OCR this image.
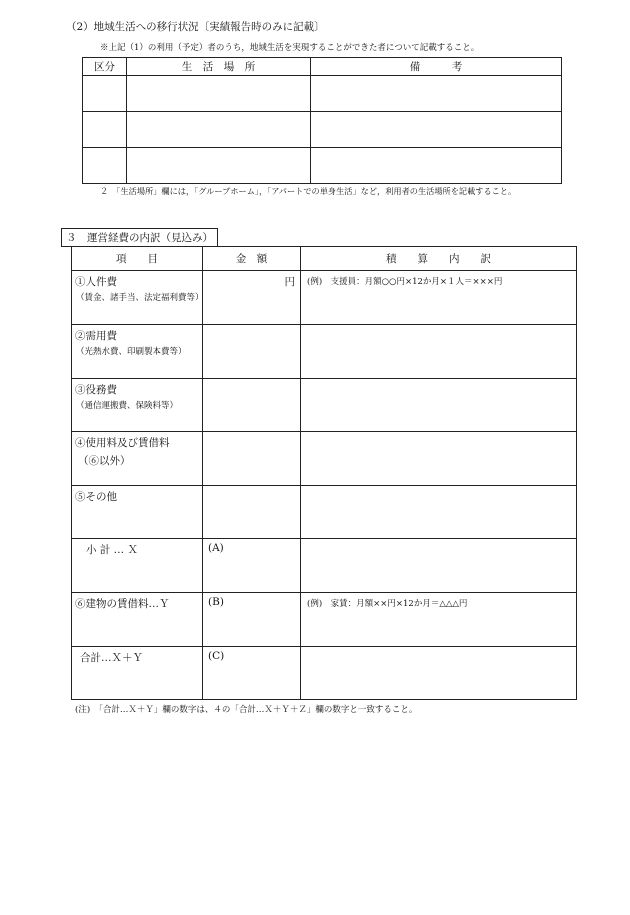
（2）地域生活への移行状況〔実績報告時のみに記載〕
※上記（1）の利用（予定）者のうち，地域生活を実現することができた者について記載すること。
区分	生　活　場　所	備　　　考

２　「生活場所」欄には，「グループホーム」，「アパートでの単身生活」など，利用者の生活場所を記載すること。
３　運営経費の内訳（見込み）
項　　目	金　額	積　　算　　内　　訳

①人件費
（賃金、諸手当、法定福利費等）	円	(例)　支援員：月額○○円×12か月×１人＝×××円

②需用費
（光熱水費、印刷製本費等）		

③役務費
（通信運搬費、保険料等）		

④使用料及び賃借料
（⑥以外）		

⑤その他		

小 計 … Ｘ	(A)	

⑥建物の賃借料…Ｙ	(B)	(例)　家賃：月額××円×12か月＝△△△円

合計…Ｘ＋Ｙ	(C)	

(注)　「合計…Ｘ＋Ｙ」欄の数字は、４の「合計…Ｘ＋Ｙ＋Ｚ」欄の数字と一致すること。
